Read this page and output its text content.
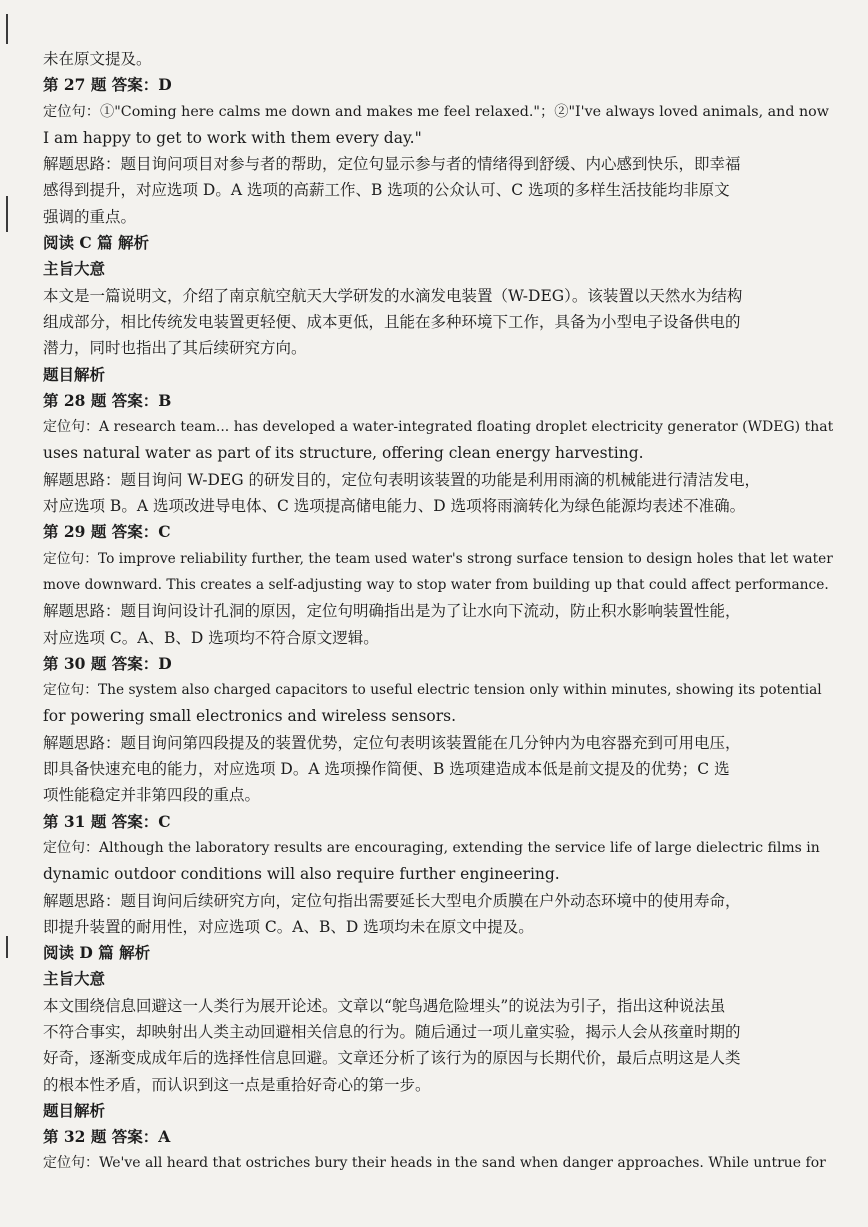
未在原文提及。
第 27 题 答案：D
定位句：①"Coming here calms me down and makes me feel relaxed."；②"I've always loved animals, and now
I am happy to get to work with them every day."
解题思路：题目询问项目对参与者的帮助，定位句显示参与者的情绪得到舒缓、内心感到快乐，即幸福
感得到提升，对应选项 D。A 选项的高薪工作、B 选项的公众认可、C 选项的多样生活技能均非原文
强调的重点。
阅读 C 篇 解析
主旨大意
本文是一篇说明文，介绍了南京航空航天大学研发的水滴发电装置（W-DEG）。该装置以天然水为结构
组成部分，相比传统发电装置更轻便、成本更低，且能在多种环境下工作，具备为小型电子设备供电的
潜力，同时也指出了其后续研究方向。
题目解析
第 28 题 答案：B
定位句：A research team... has developed a water-integrated floating droplet electricity generator (WDEG) that
uses natural water as part of its structure, offering clean energy harvesting.
解题思路：题目询问 W-DEG 的研发目的，定位句表明该装置的功能是利用雨滴的机械能进行清洁发电，
对应选项 B。A 选项改进导电体、C 选项提高储电能力、D 选项将雨滴转化为绿色能源均表述不准确。
第 29 题 答案：C
定位句：To improve reliability further, the team used water's strong surface tension to design holes that let water
move downward. This creates a self-adjusting way to stop water from building up that could affect performance.
解题思路：题目询问设计孔洞的原因，定位句明确指出是为了让水向下流动，防止积水影响装置性能，
对应选项 C。A、B、D 选项均不符合原文逻辑。
第 30 题 答案：D
定位句：The system also charged capacitors to useful electric tension only within minutes, showing its potential
for powering small electronics and wireless sensors.
解题思路：题目询问第四段提及的装置优势，定位句表明该装置能在几分钟内为电容器充到可用电压，
即具备快速充电的能力，对应选项 D。A 选项操作简便、B 选项建造成本低是前文提及的优势；C 选
项性能稳定并非第四段的重点。
第 31 题 答案：C
定位句：Although the laboratory results are encouraging, extending the service life of large dielectric films in
dynamic outdoor conditions will also require further engineering.
解题思路：题目询问后续研究方向，定位句指出需要延长大型电介质膜在户外动态环境中的使用寿命，
即提升装置的耐用性，对应选项 C。A、B、D 选项均未在原文中提及。
阅读 D 篇 解析
主旨大意
本文围绕信息回避这一人类行为展开论述。文章以“鸵鸟遇危险埋头”的说法为引子，指出这种说法虽
不符合事实，却映射出人类主动回避相关信息的行为。随后通过一项儿童实验，揭示人会从孩童时期的
好奇，逐渐变成成年后的选择性信息回避。文章还分析了该行为的原因与长期代价，最后点明这是人类
的根本性矛盾，而认识到这一点是重拾好奇心的第一步。
题目解析
第 32 题 答案：A
定位句：We've all heard that ostriches bury their heads in the sand when danger approaches. While untrue for
